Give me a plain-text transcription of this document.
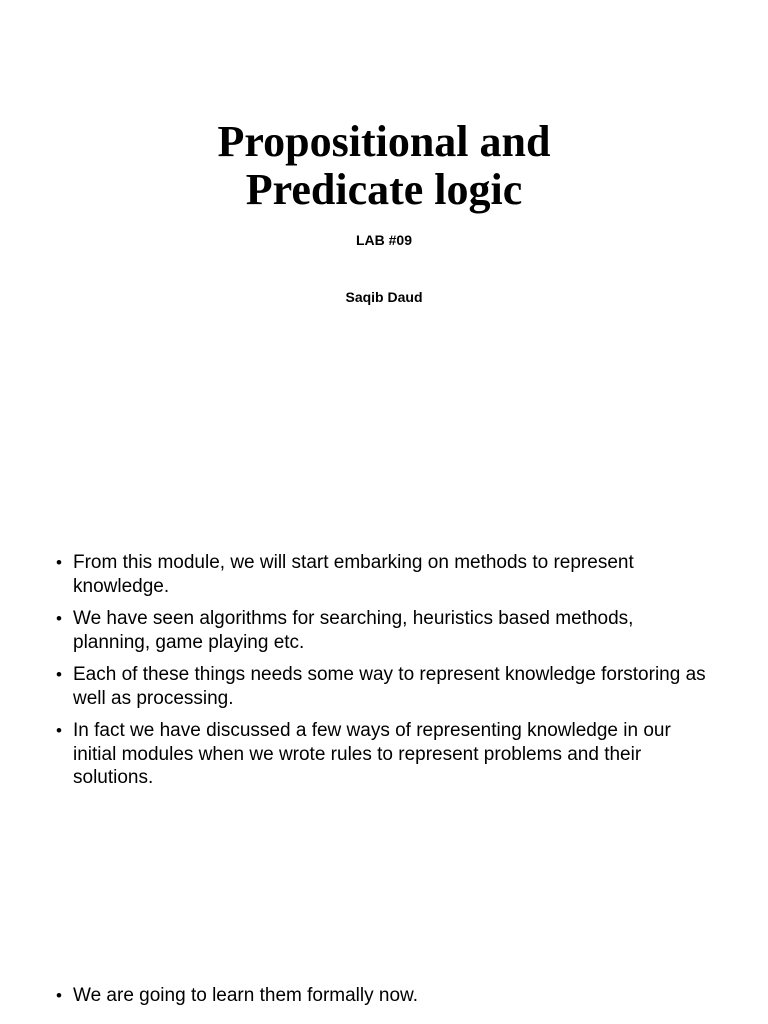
Propositional and
Predicate logic

LAB #09

Saqib Daud

• From this module, we will start embarking on methods to represent knowledge.
• We have seen algorithms for searching, heuristics based methods, planning, game playing etc.
• Each of these things needs some way to represent knowledge forstoring as well as processing.
• In fact we have discussed a few ways of representing knowledge in our initial modules when we wrote rules to represent problems and their solutions.
• We are going to learn them formally now.
